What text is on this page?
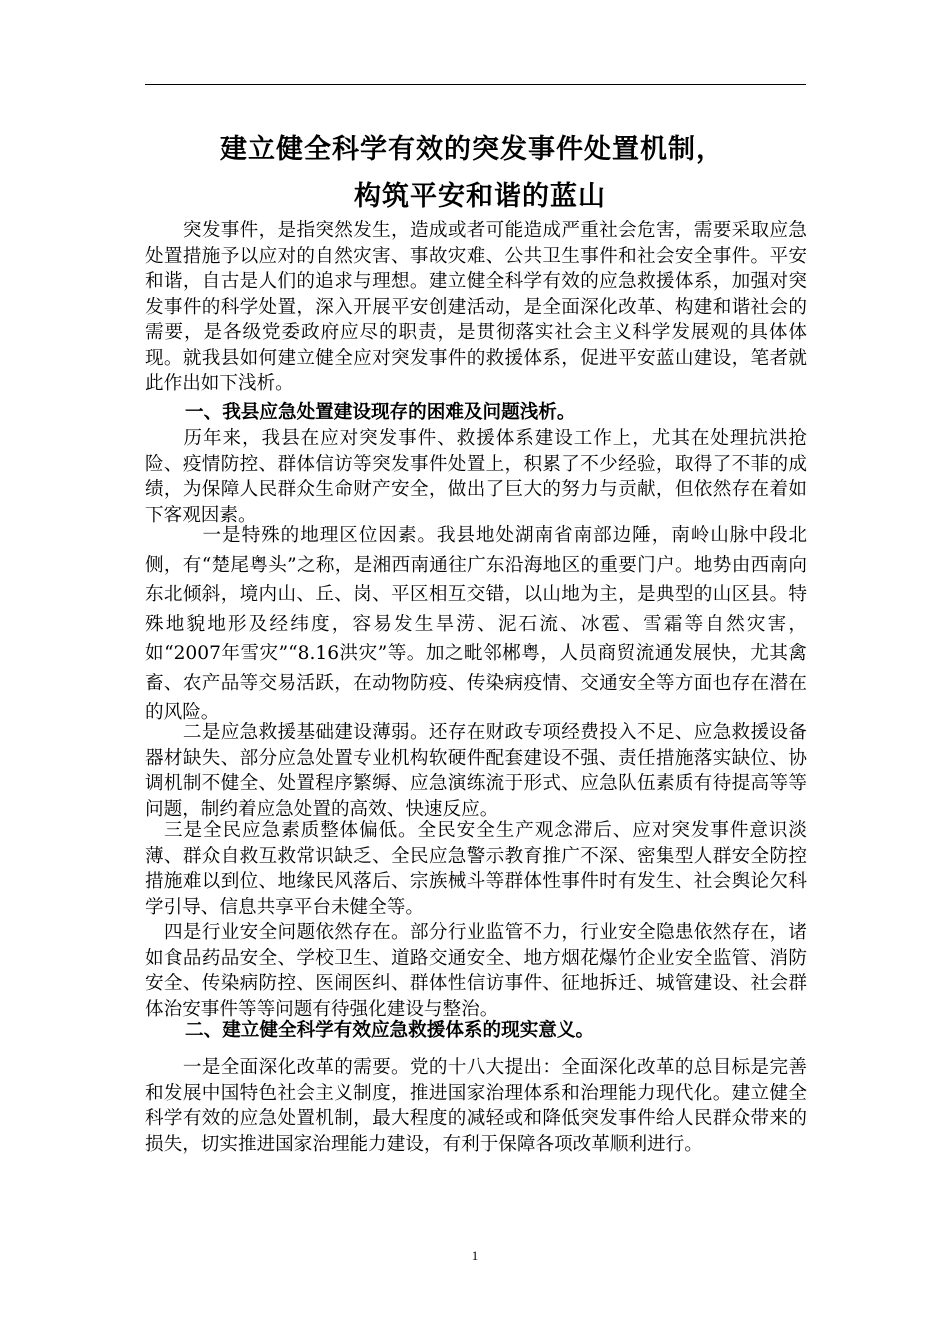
建立健全科学有效的突发事件处置机制，
构筑平安和谐的蓝山

　突发事件，是指突然发生，造成或者可能造成严重社会危害，需要采取应急处置措施予以应对的自然灾害、事故灾难、公共卫生事件和社会安全事件。平安和谐，自古是人们的追求与理想。建立健全科学有效的应急救援体系，加强对突发事件的科学处置，深入开展平安创建活动，是全面深化改革、构建和谐社会的需要，是各级党委政府应尽的职责，是贯彻落实社会主义科学发展观的具体体现。就我县如何建立健全应对突发事件的救援体系，促进平安蓝山建设，笔者就此作出如下浅析。

一、我县应急处置建设现存的困难及问题浅析。

　历年来，我县在应对突发事件、救援体系建设工作上，尤其在处理抗洪抢险、疫情防控、群体信访等突发事件处置上，积累了不少经验，取得了不菲的成绩，为保障人民群众生命财产安全，做出了巨大的努力与贡献，但依然存在着如下客观因素。

　一是特殊的地理区位因素。我县地处湖南省南部边陲，南岭山脉中段北侧，有“楚尾粤头”之称，是湘西南通往广东沿海地区的重要门户。地势由西南向东北倾斜，境内山、丘、岗、平区相互交错，以山地为主，是典型的山区县。特殊地貌地形及经纬度，容易发生旱涝、泥石流、冰雹、雪霜等自然灾害，如“2007年雪灾”“8.16洪灾”等。加之毗邻郴粤，人员商贸流通发展快，尤其禽畜、农产品等交易活跃，在动物防疫、传染病疫情、交通安全等方面也存在潜在的风险。

　二是应急救援基础建设薄弱。还存在财政专项经费投入不足、应急救援设备器材缺失、部分应急处置专业机构软硬件配套建设不强、责任措施落实缺位、协调机制不健全、处置程序繁缛、应急演练流于形式、应急队伍素质有待提高等等问题，制约着应急处置的高效、快速反应。

三是全民应急素质整体偏低。全民安全生产观念滞后、应对突发事件意识淡薄、群众自救互救常识缺乏、全民应急警示教育推广不深、密集型人群安全防控措施难以到位、地缘民风落后、宗族械斗等群体性事件时有发生、社会舆论欠科学引导、信息共享平台未健全等。

四是行业安全问题依然存在。部分行业监管不力，行业安全隐患依然存在，诸如食品药品安全、学校卫生、道路交通安全、地方烟花爆竹企业安全监管、消防安全、传染病防控、医闹医纠、群体性信访事件、征地拆迁、城管建设、社会群体治安事件等等问题有待强化建设与整治。

二、建立健全科学有效应急救援体系的现实意义。

　一是全面深化改革的需要。党的十八大提出：全面深化改革的总目标是完善和发展中国特色社会主义制度，推进国家治理体系和治理能力现代化。建立健全科学有效的应急处置机制，最大程度的减轻或和降低突发事件给人民群众带来的损失，切实推进国家治理能力建设，有利于保障各项改革顺利进行。

1
